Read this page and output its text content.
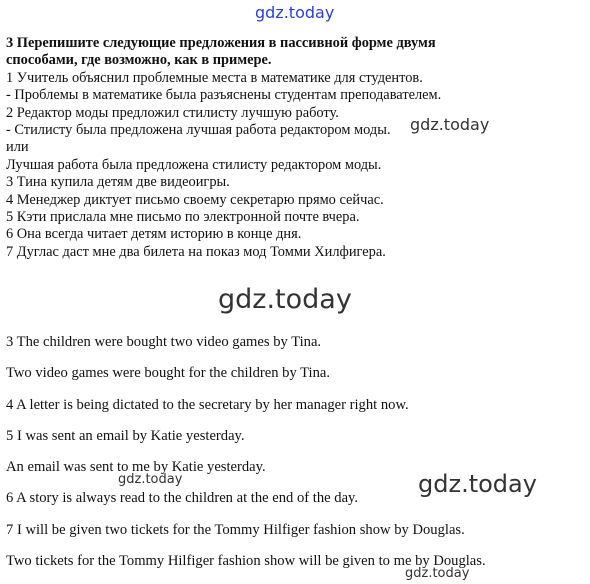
gdz.today
3 Перепишите следующие предложения в пассивной форме двумя
способами, где возможно, как в примере.
1 Учитель объяснил проблемные места в математике для студентов.
- Проблемы в математике была разъяснены студентам преподавателем.
2 Редактор моды предложил стилисту лучшую работу.
- Стилисту была предложена лучшая работа редактором моды.
или
Лучшая работа была предложена стилисту редактором моды.
3 Тина купила детям две видеоигры.
4 Менеджер диктует письмо своему секретарю прямо сейчас.
5 Кэти прислала мне письмо по электронной почте вчера.
6 Она всегда читает детям историю в конце дня.
7 Дуглас даст мне два билета на показ мод Томми Хилфигера.
gdz.today
gdz.today
3 The children were bought two video games by Tina.
Two video games were bought for the children by Tina.
4 A letter is being dictated to the secretary by her manager right now.
5 I was sent an email by Katie yesterday.
An email was sent to me by Katie yesterday.
6 A story is always read to the children at the end of the day.
7 I will be given two tickets for the Tommy Hilfiger fashion show by Douglas.
Two tickets for the Tommy Hilfiger fashion show will be given to me by Douglas.
gdz.today	gdz.today
gdz.today
